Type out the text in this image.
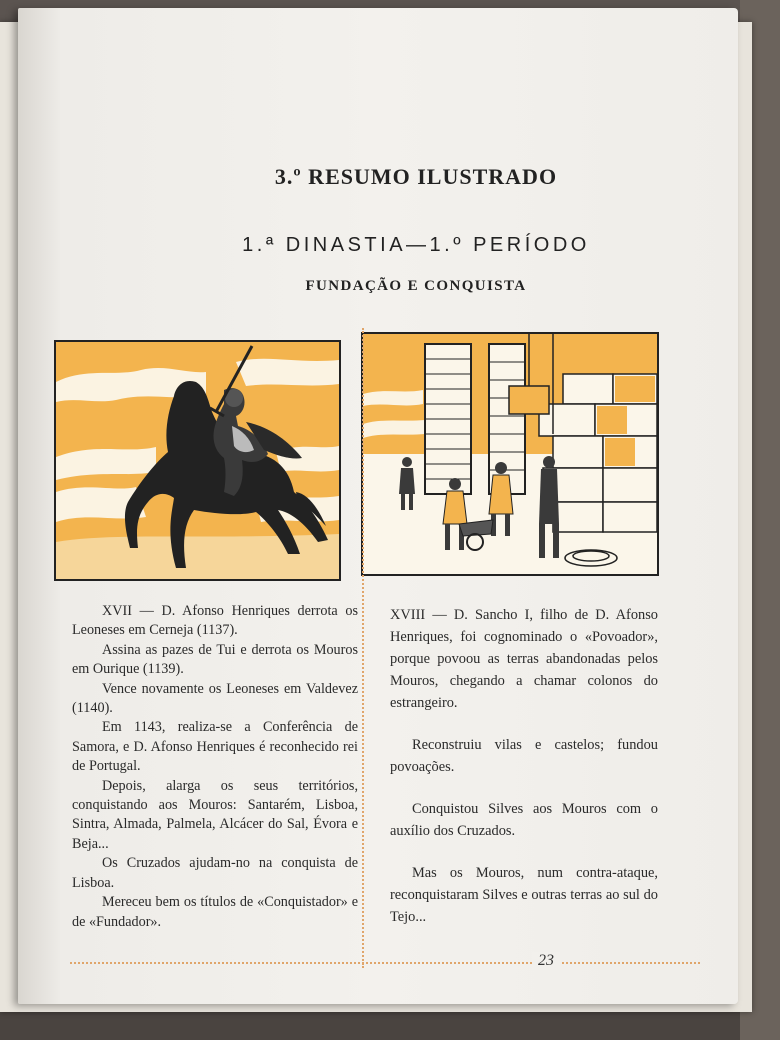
3.º RESUMO ILUSTRADO
1.ª DINASTIA—1.º PERÍODO
FUNDAÇÃO E CONQUISTA

XVII — D. Afonso Henriques derrota os Leoneses em Cerneja (1137).

Assina as pazes de Tui e derrota os Mouros em Ourique (1139).

Vence novamente os Leoneses em Valdevez (1140).

Em 1143, realiza-se a Conferência de Samora, e D. Afonso Henriques é reconhecido rei de Portugal.

Depois, alarga os seus territórios, conquistando aos Mouros: Santarém, Lisboa, Sintra, Almada, Palmela, Alcácer do Sal, Évora e Beja...

Os Cruzados ajudam-no na conquista de Lisboa.

Mereceu bem os títulos de «Conquistador» e de «Fundador».

XVIII — D. Sancho I, filho de D. Afonso Henriques, foi cognominado o «Povoador», porque povoou as terras abandonadas pelos Mouros, chegando a chamar colonos do estrangeiro.

Reconstruiu vilas e castelos; fundou povoações.

Conquistou Silves aos Mouros com o auxílio dos Cruzados.

Mas os Mouros, num contra-ataque, reconquistaram Silves e outras terras ao sul do Tejo...

23
